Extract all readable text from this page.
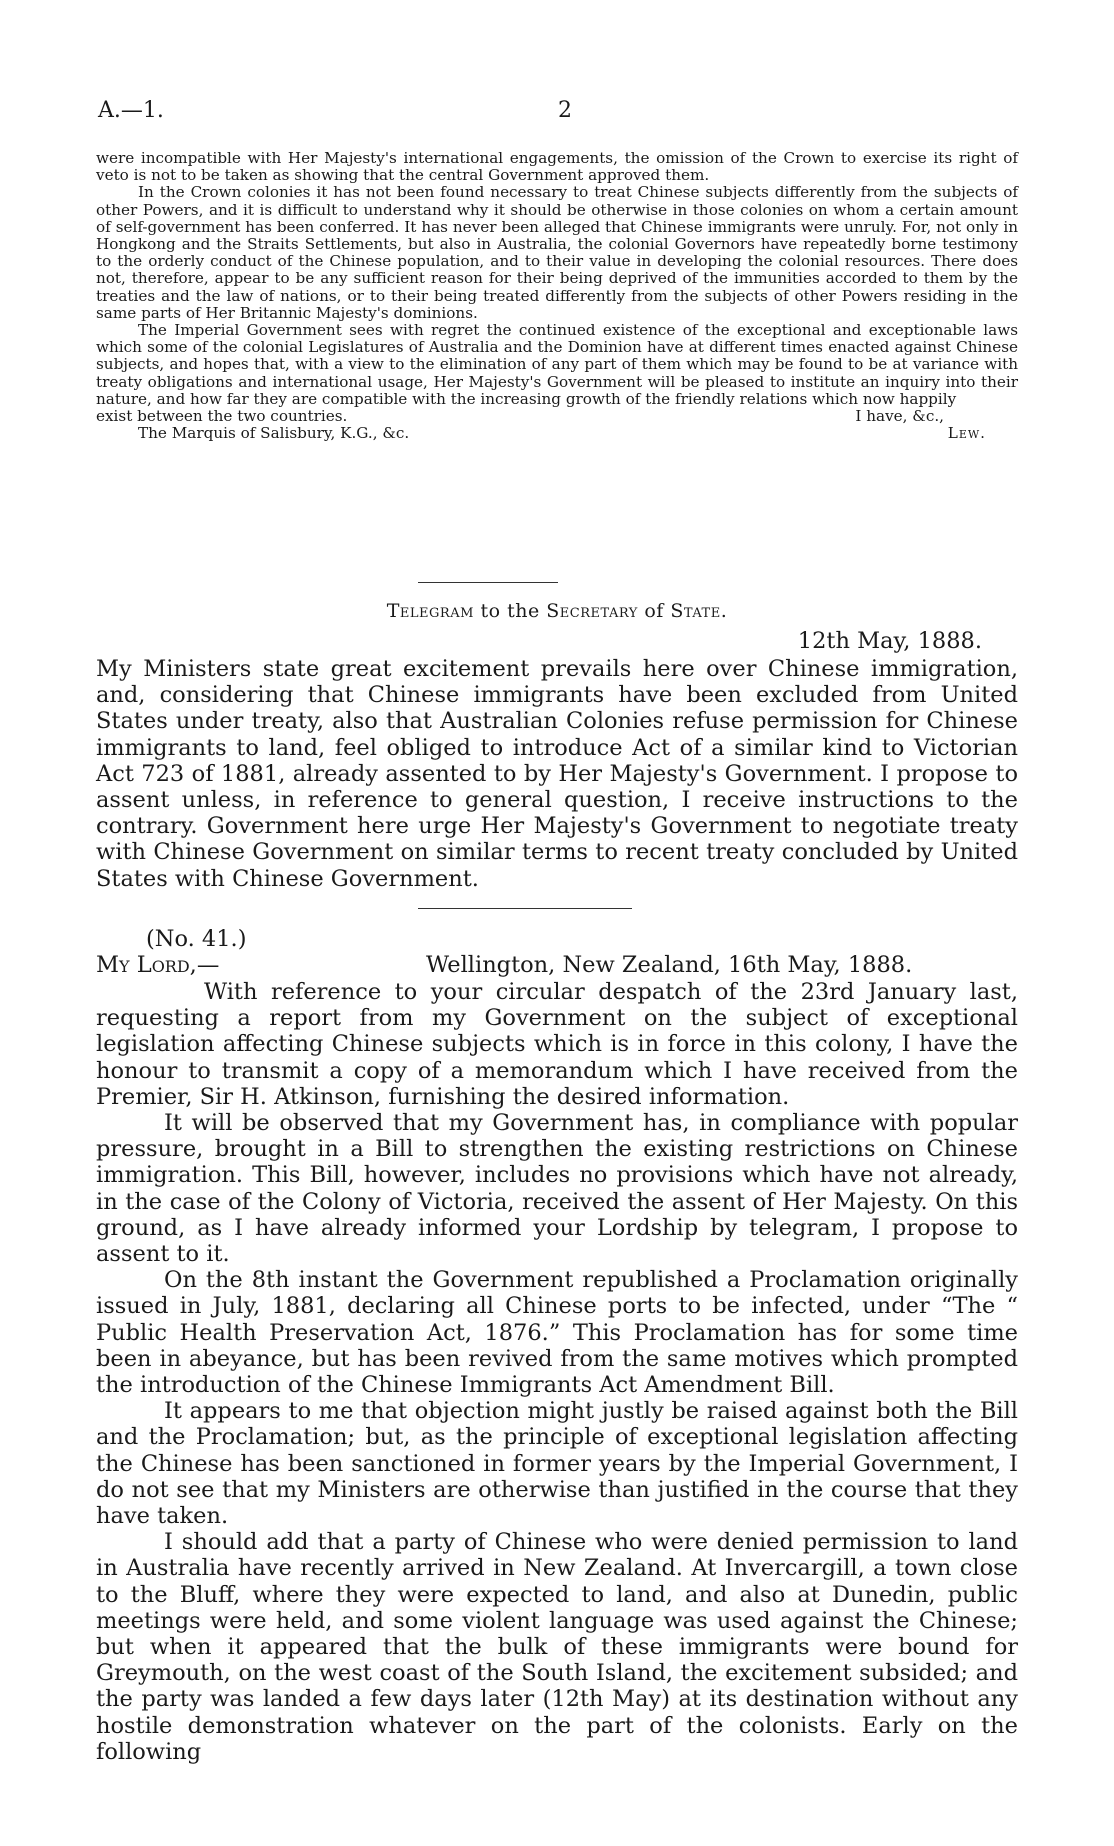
A.—1.	2

were incompatible with Her Majesty's international engagements, the omission of the Crown to exercise its right of veto is not to be taken as showing that the central Government approved them.

In the Crown colonies it has not been found necessary to treat Chinese subjects differently from the subjects of other Powers, and it is difficult to understand why it should be otherwise in those colonies on whom a certain amount of self-government has been conferred. It has never been alleged that Chinese immigrants were unruly. For, not only in Hongkong and the Straits Settlements, but also in Australia, the colonial Governors have repeatedly borne testimony to the orderly conduct of the Chinese population, and to their value in developing the colonial resources. There does not, therefore, appear to be any sufficient reason for their being deprived of the immunities accorded to them by the treaties and the law of nations, or to their being treated differently from the subjects of other Powers residing in the same parts of Her Britannic Majesty's dominions.

The Imperial Government sees with regret the continued existence of the exceptional and exceptionable laws which some of the colonial Legislatures of Australia and the Dominion have at different times enacted against Chinese subjects, and hopes that, with a view to the elimination of any part of them which may be found to be at variance with treaty obligations and international usage, Her Majesty's Government will be pleased to institute an inquiry into their nature, and how far they are compatible with the increasing growth of the friendly relations which now happily

exist between the two countries.	I have, &c.,
The Marquis of Salisbury, K.G., &c.	Lew.
Telegram to the Secretary of State.
12th May, 1888.

My Ministers state great excitement prevails here over Chinese immigration, and, considering that Chinese immigrants have been excluded from United States under treaty, also that Australian Colonies refuse permission for Chinese immigrants to land, feel obliged to introduce Act of a similar kind to Victorian Act 723 of 1881, already assented to by Her Majesty's Government. I propose to assent unless, in reference to general question, I receive instructions to the contrary. Government here urge Her Majesty's Government to negotiate treaty with Chinese Government on similar terms to recent treaty concluded by United States with Chinese Government.

(No. 41.)
My Lord,—	Wellington, New Zealand, 16th May, 1888.

With reference to your circular despatch of the 23rd January last, requesting a report from my Government on the subject of exceptional legislation affecting Chinese subjects which is in force in this colony, I have the honour to transmit a copy of a memorandum which I have received from the Premier, Sir H. Atkinson, furnishing the desired information.

It will be observed that my Government has, in compliance with popular pressure, brought in a Bill to strengthen the existing restrictions on Chinese immigration. This Bill, however, includes no provisions which have not already, in the case of the Colony of Victoria, received the assent of Her Majesty. On this ground, as I have already informed your Lordship by telegram, I propose to assent to it.

On the 8th instant the Government republished a Proclamation originally issued in July, 1881, declaring all Chinese ports to be infected, under “The “ Public Health Preservation Act, 1876.” This Proclamation has for some time been in abeyance, but has been revived from the same motives which prompted the introduction of the Chinese Immigrants Act Amendment Bill.

It appears to me that objection might justly be raised against both the Bill and the Proclamation; but, as the principle of exceptional legislation affecting the Chinese has been sanctioned in former years by the Imperial Government, I do not see that my Ministers are otherwise than justified in the course that they have taken.

I should add that a party of Chinese who were denied permission to land in Australia have recently arrived in New Zealand. At Invercargill, a town close to the Bluff, where they were expected to land, and also at Dunedin, public meetings were held, and some violent language was used against the Chinese; but when it appeared that the bulk of these immigrants were bound for Greymouth, on the west coast of the South Island, the excitement subsided; and the party was landed a few days later (12th May) at its destination without any hostile demonstration whatever on the part of the colonists. Early on the following
